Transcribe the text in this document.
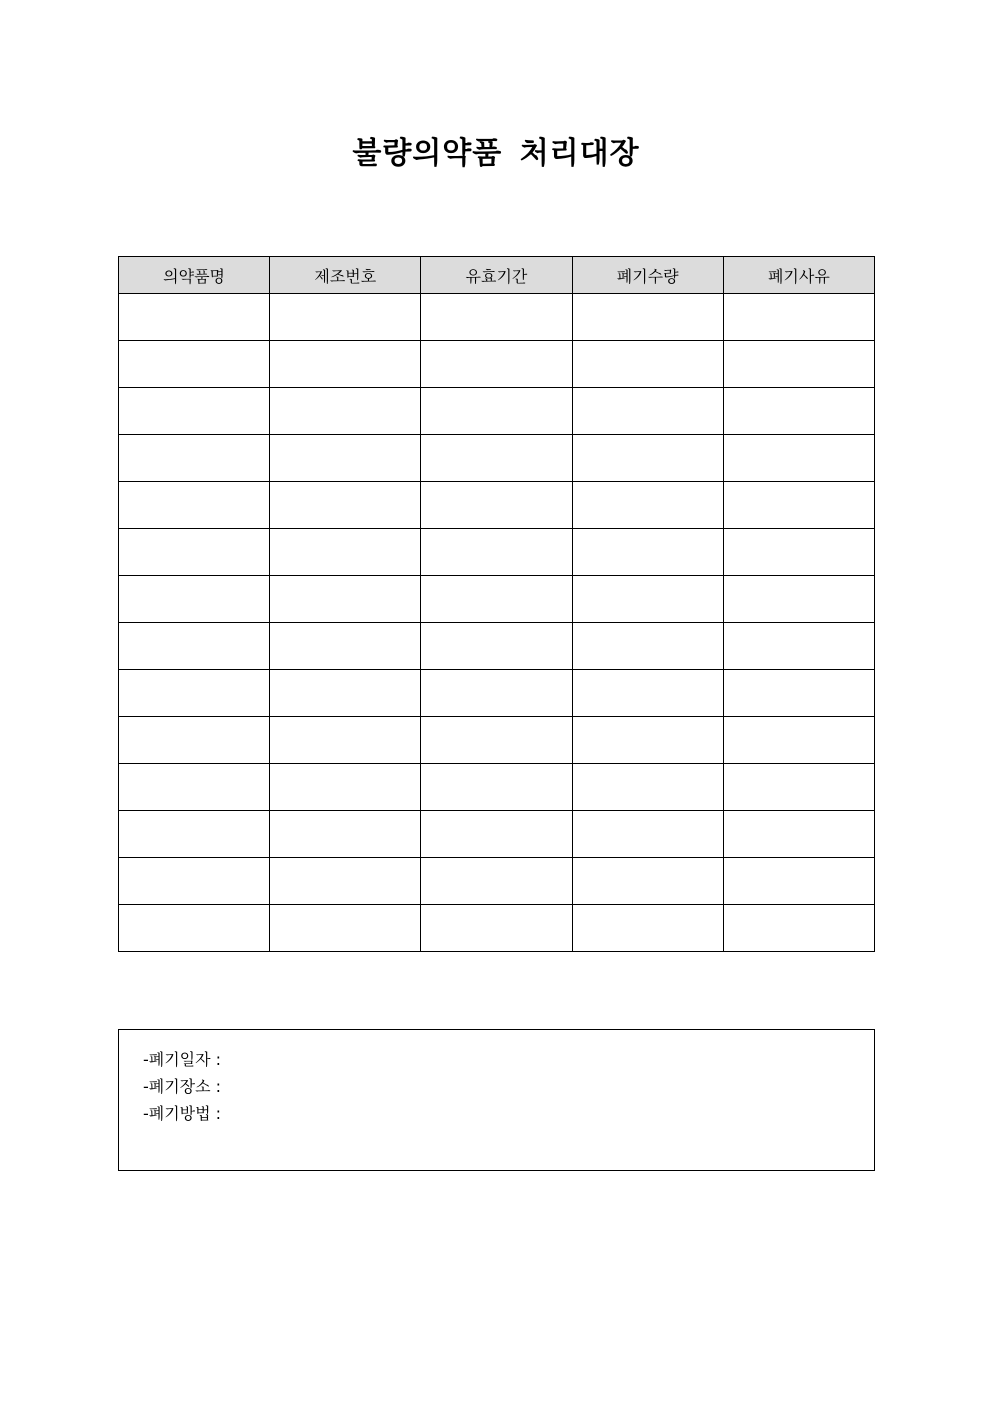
불량의약품 처리대장
의약품명	제조번호	유효기간	폐기수량	폐기사유

-폐기일자 :
-폐기장소 :
-폐기방법 :
